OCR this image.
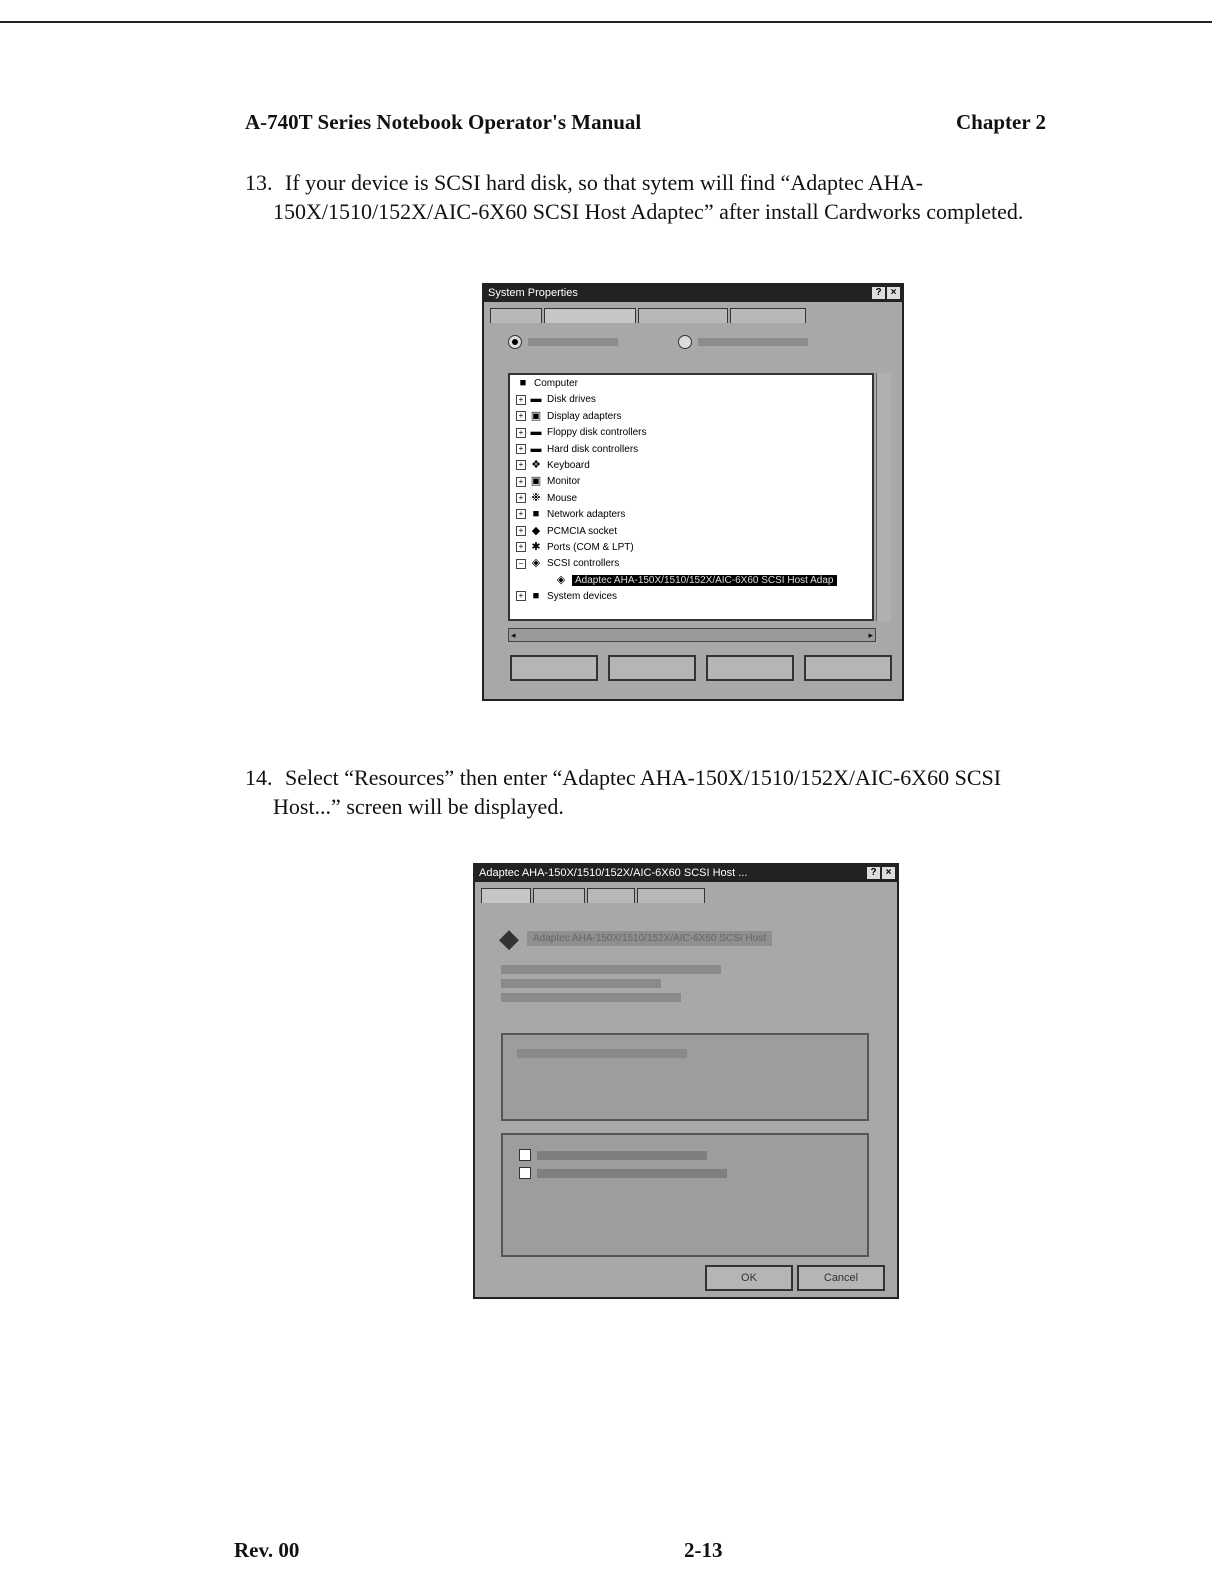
A-740T Series Notebook Operator's Manual	Chapter 2
13. If your device is SCSI hard disk, so that sytem will find “Adaptec AHA-
150X/1510/152X/AIC-6X60 SCSI Host Adaptec” after install Cardworks completed.
System Properties	? ×
■ Computer
+ ▬ Disk drives
+ ▣ Display adapters
+ ▬ Floppy disk controllers
+ ▬ Hard disk controllers
+ ❖ Keyboard
+ ▣ Monitor
+ ❉ Mouse
+ ■ Network adapters
+ ◆ PCMCIA socket
+ ✱ Ports (COM & LPT)
− ◈ SCSI controllers
◈ Adaptec AHA-150X/1510/152X/AIC-6X60 SCSI Host Adap
+ ■ System devices
◂	▸
14. Select “Resources” then enter “Adaptec AHA-150X/1510/152X/AIC-6X60 SCSI
Host...” screen will be displayed.
Adaptec AHA-150X/1510/152X/AIC-6X60 SCSI Host ...	? ×
◆	Adaptec AHA-150X/1510/152X/AIC-6X60 SCSI Host
OK	Cancel
Rev. 00	2-13
